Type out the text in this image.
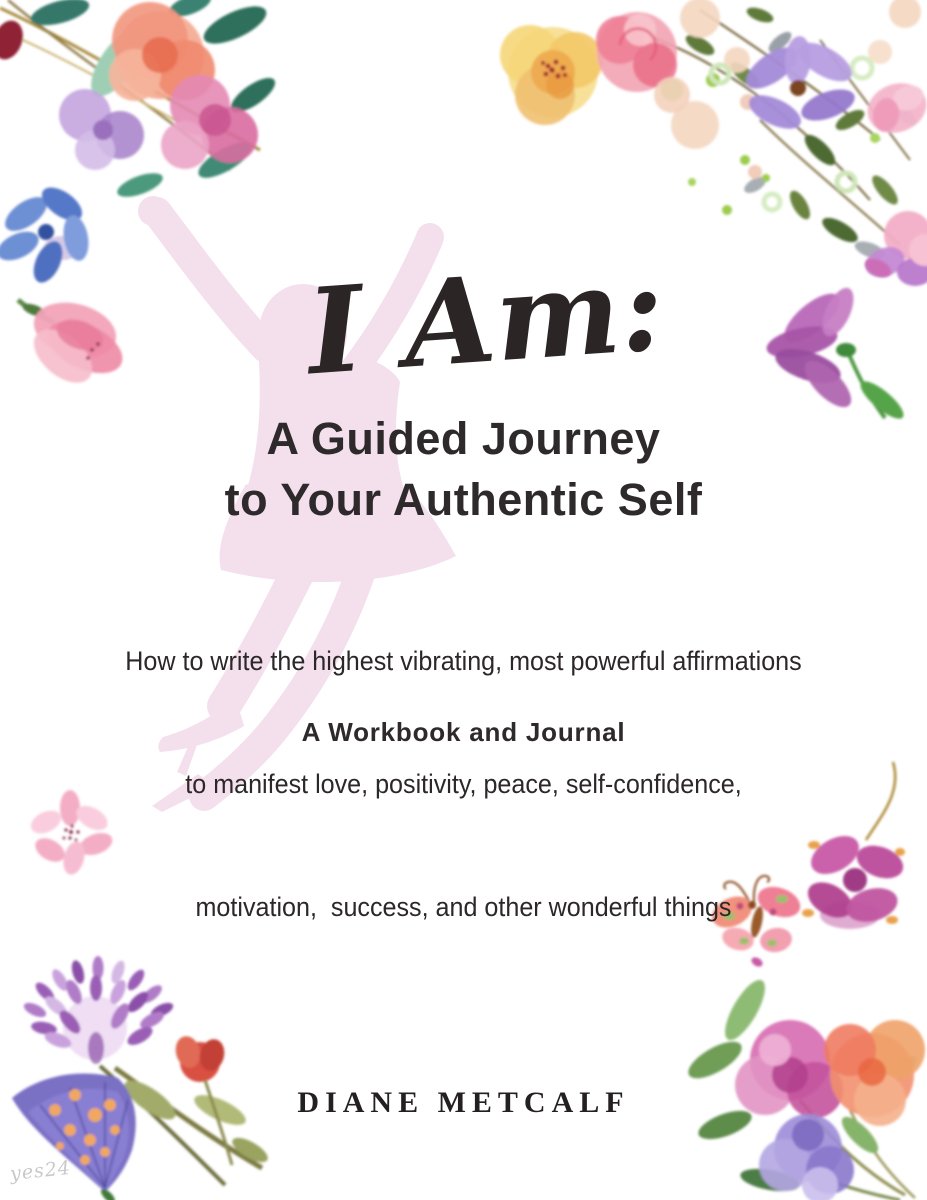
I Am:
A Guided Journey
to Your Authentic Self

How to write the highest vibrating, most powerful affirmations

to manifest love, positivity, peace, self-confidence,

motivation,  success, and other wonderful things

A Workbook and Journal
DIANE METCALF
yes24
